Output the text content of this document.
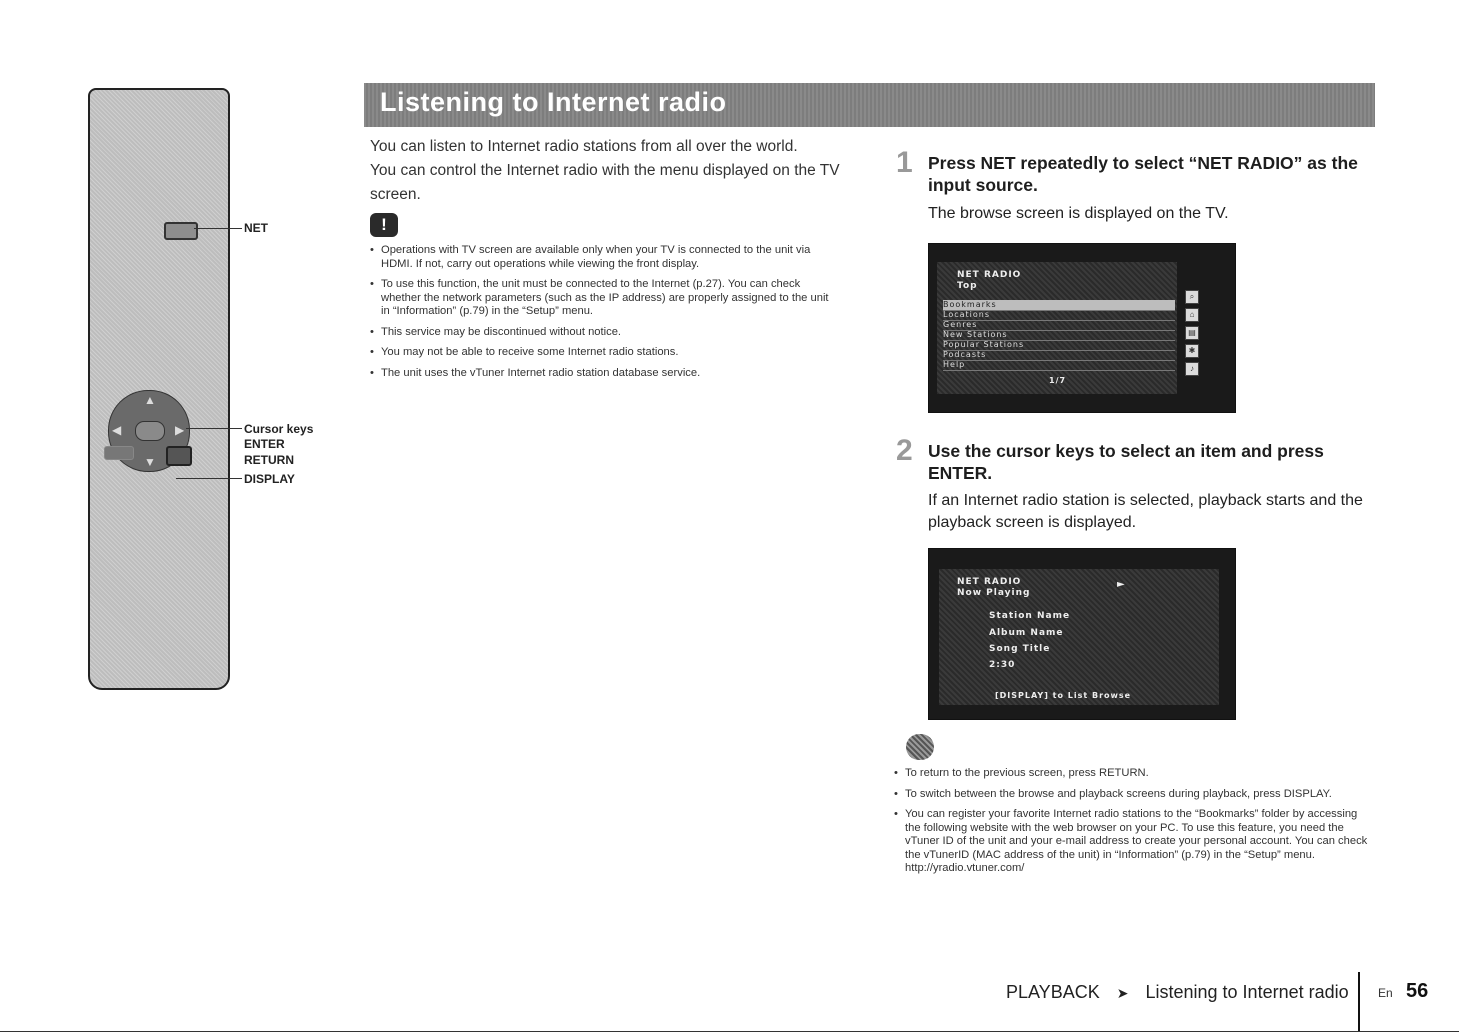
▲
▼
◀	▶
NET
Cursor keys
ENTER
RETURN
DISPLAY
Listening to Internet radio
You can listen to Internet radio stations from all over the world.
You can control the Internet radio with the menu displayed on the TV screen.
!
• Operations with TV screen are available only when your TV is connected to the unit via HDMI. If not, carry out operations while viewing the front display.
• To use this function, the unit must be connected to the Internet (p.27). You can check whether the network parameters (such as the IP address) are properly assigned to the unit in “Information” (p.79) in the “Setup” menu.
• This service may be discontinued without notice.
• You may not be able to receive some Internet radio stations.
• The unit uses the vTuner Internet radio station database service.
1 Press NET repeatedly to select “NET RADIO” as the input source.
The browse screen is displayed on the TV.
NET RADIO
Top
Bookmarks
Locations
Genres
New Stations
Popular Stations
Podcasts
Help
1/7
⌕
⌂
▤
✱
♪
2 Use the cursor keys to select an item and press ENTER.
If an Internet radio station is selected, playback starts and the playback screen is displayed.
NET RADIO
Now Playing
►
Station Name
Album Name
Song Title
2:30
[DISPLAY] to List Browse
• To return to the previous screen, press RETURN.
• To switch between the browse and playback screens during playback, press DISPLAY.
• You can register your favorite Internet radio stations to the “Bookmarks” folder by accessing the following website with the web browser on your PC. To use this feature, you need the vTuner ID of the unit and your e-mail address to create your personal account. You can check the vTunerID (MAC address of the unit) in “Information” (p.79) in the “Setup” menu.
http://yradio.vtuner.com/
PLAYBACK ➤ Listening to Internet radio En 56
